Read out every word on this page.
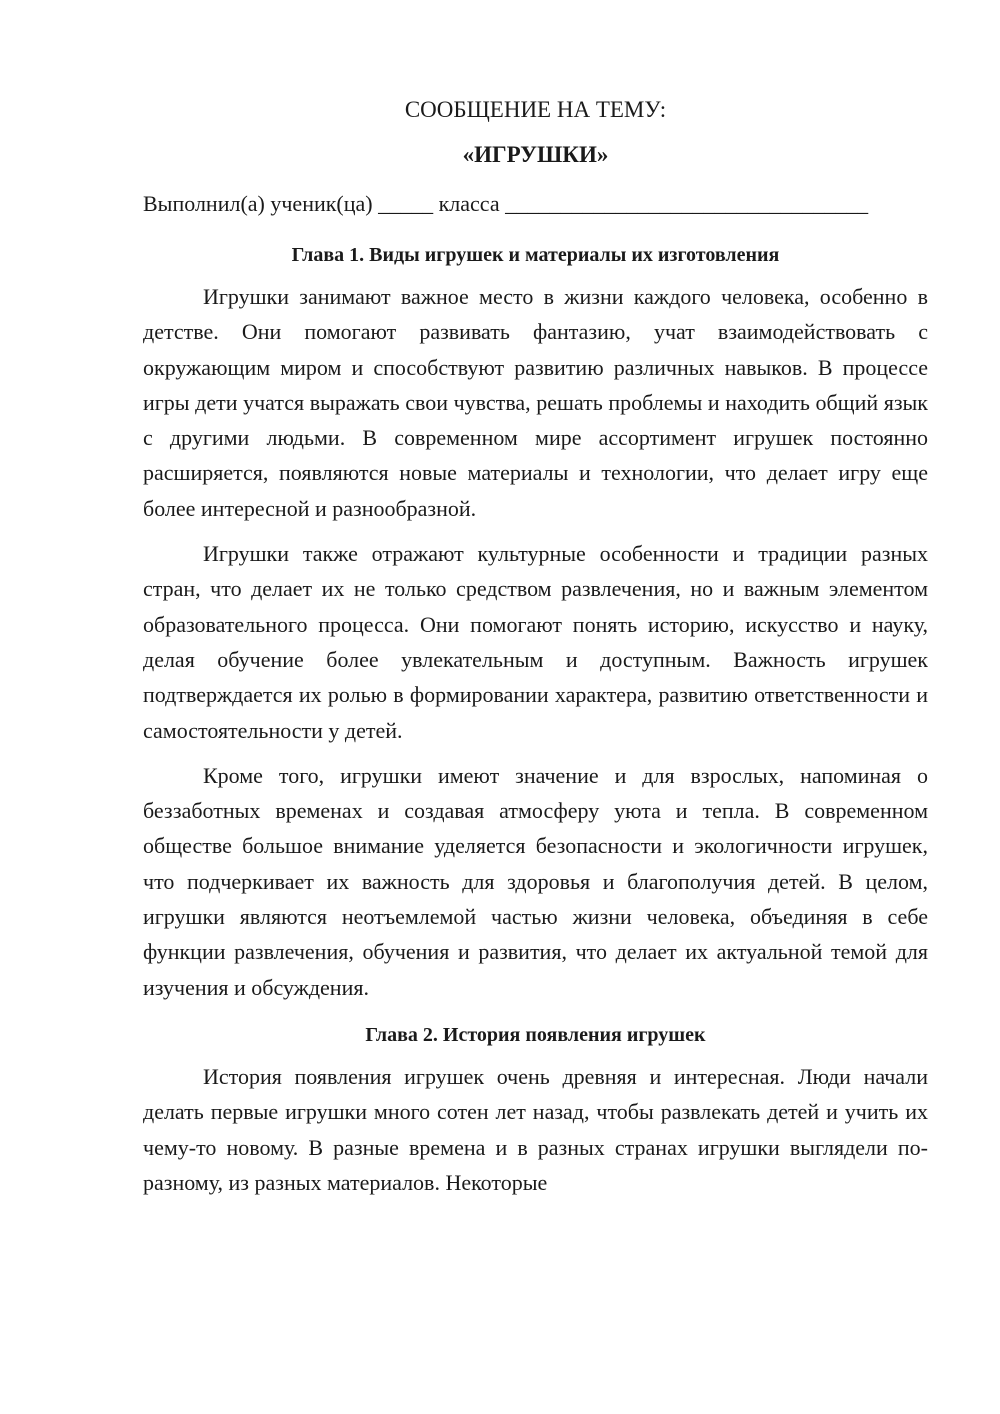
СООБЩЕНИЕ НА ТЕМУ:

«ИГРУШКИ»

Выполнил(а) ученик(ца) _____ класса _________________________________

Глава 1. Виды игрушек и материалы их изготовления

Игрушки занимают важное место в жизни каждого человека, особенно в детстве. Они помогают развивать фантазию, учат взаимодействовать с окружающим миром и способствуют развитию различных навыков. В процессе игры дети учатся выражать свои чувства, решать проблемы и находить общий язык с другими людьми. В современном мире ассортимент игрушек постоянно расширяется, появляются новые материалы и технологии, что делает игру еще более интересной и разнообразной.

Игрушки также отражают культурные особенности и традиции разных стран, что делает их не только средством развлечения, но и важным элементом образовательного процесса. Они помогают понять историю, искусство и науку, делая обучение более увлекательным и доступным. Важность игрушек подтверждается их ролью в формировании характера, развитию ответственности и самостоятельности у детей.

Кроме того, игрушки имеют значение и для взрослых, напоминая о беззаботных временах и создавая атмосферу уюта и тепла. В современном обществе большое внимание уделяется безопасности и экологичности игрушек, что подчеркивает их важность для здоровья и благополучия детей. В целом, игрушки являются неотъемлемой частью жизни человека, объединяя в себе функции развлечения, обучения и развития, что делает их актуальной темой для изучения и обсуждения.

Глава 2. История появления игрушек

История появления игрушек очень древняя и интересная. Люди начали делать первые игрушки много сотен лет назад, чтобы развлекать детей и учить их чему-то новому. В разные времена и в разных странах игрушки выглядели по-разному, из разных материалов. Некоторые
